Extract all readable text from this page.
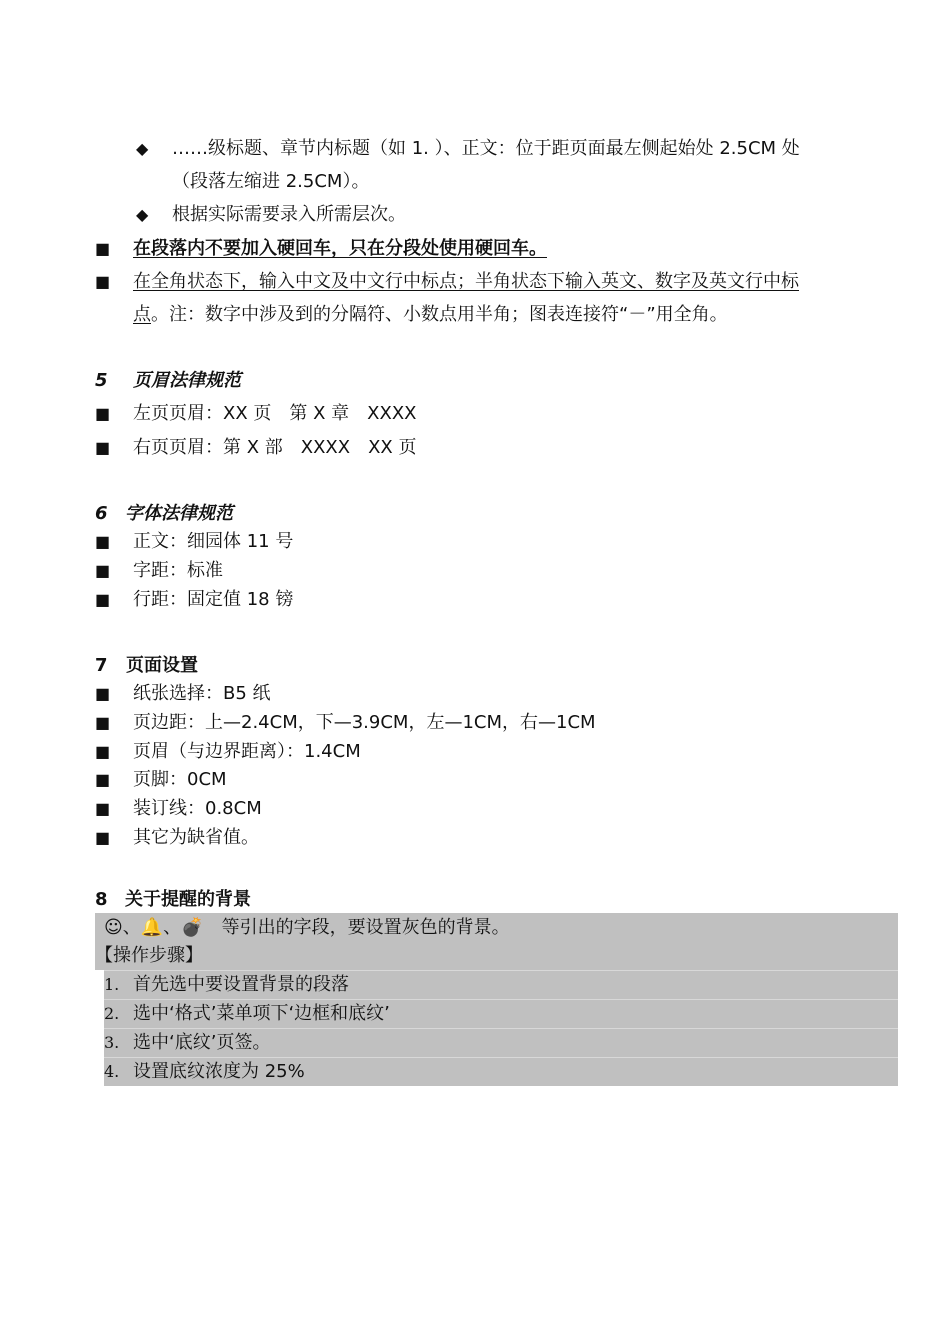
◆ ……级标题、章节内标题（如 1. ）、正文：位于距页面最左侧起始处 2.5CM 处
（段落左缩进 2.5CM）。
◆ 根据实际需要录入所需层次。
■ 在段落内不要加入硬回车，只在分段处使用硬回车。
■ 在全角状态下，输入中文及中文行中标点；半角状态下输入英文、数字及英文行中标
点。注：数字中涉及到的分隔符、小数点用半角；图表连接符“－”用全角。
5 页眉法律规范
■ 左页页眉：XX 页　第 X 章　XXXX
■ 右页页眉：第 X 部　XXXX　XX 页
6 字体法律规范
■ 正文：细园体 11 号
■ 字距：标准
■ 行距：固定值 18 镑
7 页面设置
■ 纸张选择：B5 纸
■ 页边距：上—2.4CM，下—3.9CM，左—1CM，右—1CM
■ 页眉（与边界距离）：1.4CM
■ 页脚：0CM
■ 装订线：0.8CM
■ 其它为缺省值。
8 关于提醒的背景
☺、🔔、💣　等引出的字段，要设置灰色的背景。
【操作步骤】
1. 首先选中要设置背景的段落
2. 选中‘格式’菜单项下‘边框和底纹’
3. 选中‘底纹’页签。
4. 设置底纹浓度为 25%
